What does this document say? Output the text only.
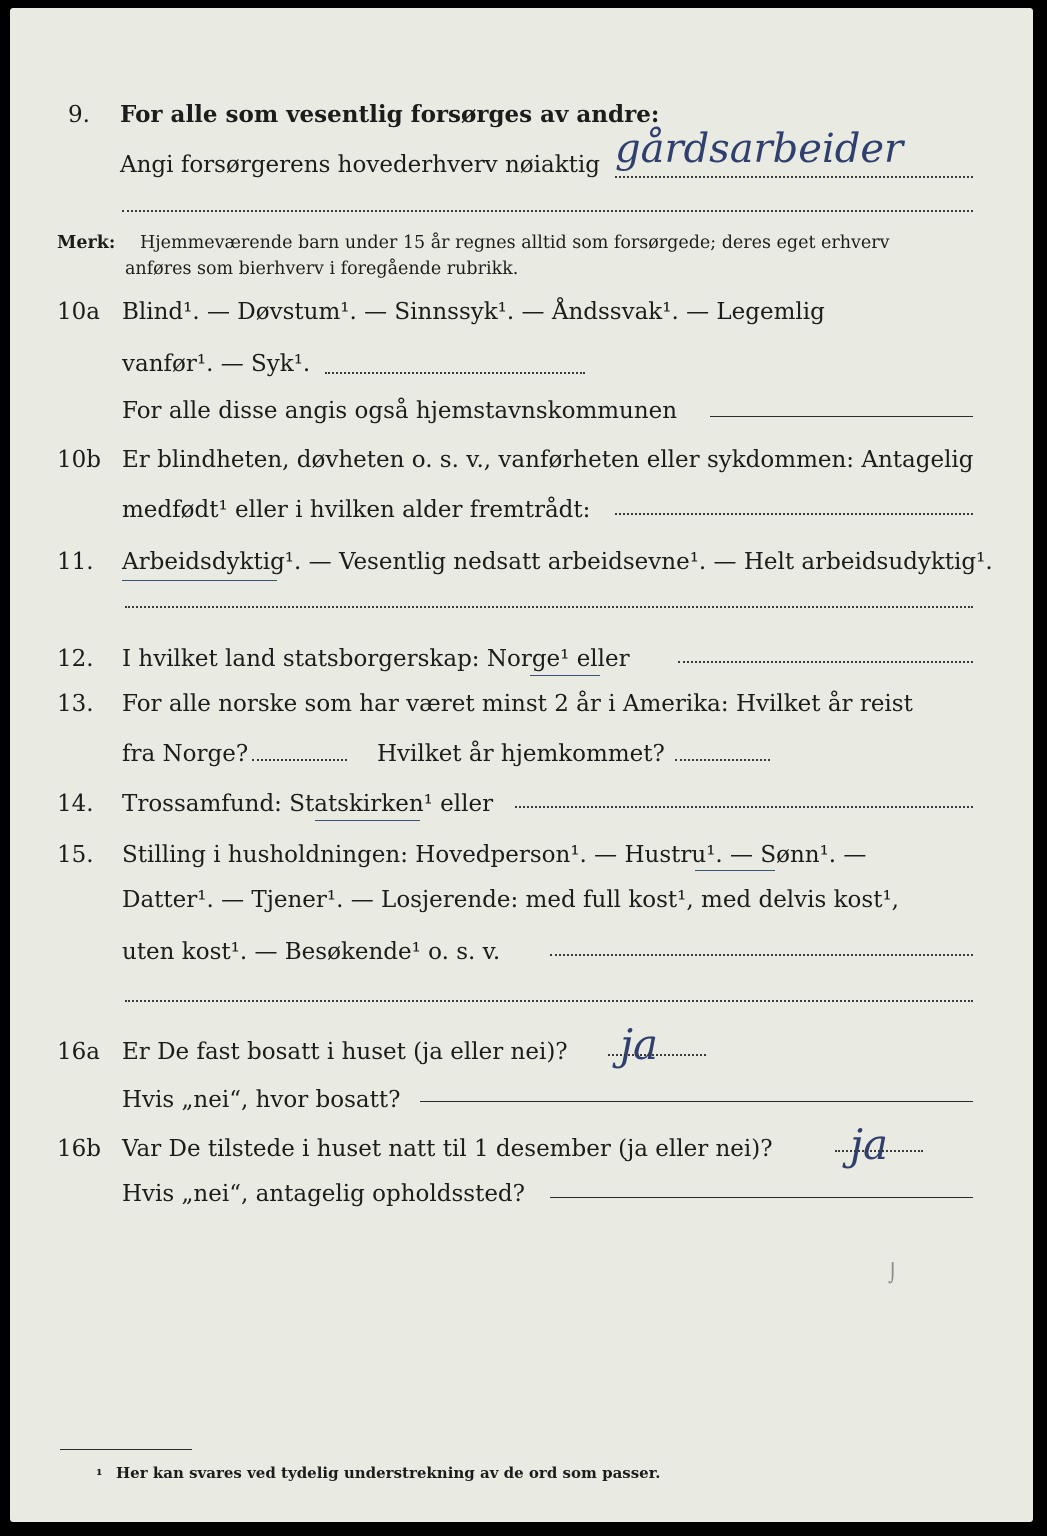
9. For alle som vesentlig forsørges av andre:
Angi forsørgerens hovederhverv nøiaktig gårdsarbeider
Merk: Hjemmeværende barn under 15 år regnes alltid som forsørgede; deres eget erhverv
anføres som bierhverv i foregående rubrikk.
10a Blind¹. — Døvstum¹. — Sinnssyk¹. — Åndssvak¹. — Legemlig
vanfør¹. — Syk¹.
For alle disse angis også hjemstavnskommunen
10b Er blindheten, døvheten o. s. v., vanførheten eller sykdommen: Antagelig
medfødt¹ eller i hvilken alder fremtrådt:
11. Arbeidsdyktig¹. — Vesentlig nedsatt arbeidsevne¹. — Helt arbeidsudyktig¹.
12. I hvilket land statsborgerskap: Norge¹ eller
13. For alle norske som har været minst 2 år i Amerika: Hvilket år reist
fra Norge?	Hvilket år hjemkommet?
14. Trossamfund: Statskirken¹ eller
15. Stilling i husholdningen: Hovedperson¹. — Hustru¹. — Sønn¹. —
Datter¹. — Tjener¹. — Losjerende: med full kost¹, med delvis kost¹,
uten kost¹. — Besøkende¹ o. s. v.
16a Er De fast bosatt i huset (ja eller nei)? ja
Hvis „nei“, hvor bosatt?
16b Var De tilstede i huset natt til 1 desember (ja eller nei)? ja
Hvis „nei“, antagelig opholdssted?
⌡
¹ Her kan svares ved tydelig understrekning av de ord som passer.
